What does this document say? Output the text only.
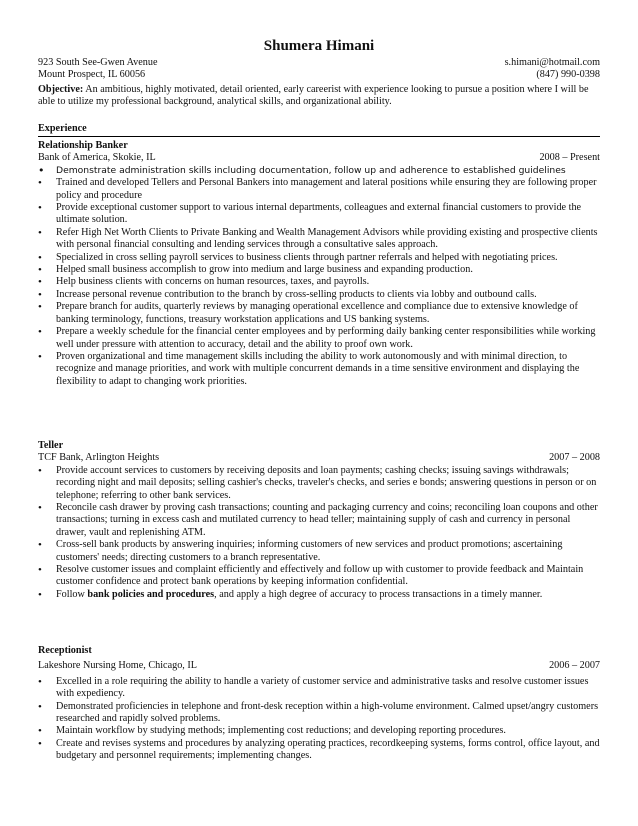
Shumera Himani
923 South See-Gwen Avenue	s.himani@hotmail.com
Mount Prospect, IL 60056	(847) 990-0398
Objective: An ambitious, highly motivated, detail oriented, early careerist with experience looking to pursue a position where I will be able to utilize my professional background, analytical skills, and organizational ability.
Experience
Relationship Banker
Bank of America, Skokie, IL	2008 – Present
• Demonstrate administration skills including documentation, follow up and adherence to established guidelines
• Trained and developed Tellers and Personal Bankers into management and lateral positions while ensuring they are following proper policy and procedure
• Provide exceptional customer support to various internal departments, colleagues and external financial customers to provide the ultimate solution.
• Refer High Net Worth Clients to Private Banking and Wealth Management Advisors while providing existing and prospective clients with personal financial consulting and lending services through a consultative sales approach.
• Specialized in cross selling payroll services to business clients through partner referrals and helped with negotiating prices.
• Helped small business accomplish to grow into medium and large business and expanding production.
• Help business clients with concerns on human resources, taxes, and payrolls.
• Increase personal revenue contribution to the branch by cross-selling products to clients via lobby and outbound calls.
• Prepare branch for audits, quarterly reviews by managing operational excellence and compliance due to extensive knowledge of banking terminology, functions, treasury workstation applications and US banking systems.
• Prepare a weekly schedule for the financial center employees and by performing daily banking center responsibilities while working well under pressure with attention to accuracy, detail and the ability to proof own work.
• Proven organizational and time management skills including the ability to work autonomously and with minimal direction, to recognize and manage priorities, and work with multiple concurrent demands in a time sensitive environment and displaying the flexibility to adapt to changing work priorities.
Teller
TCF Bank, Arlington Heights	2007 – 2008
• Provide account services to customers by receiving deposits and loan payments; cashing checks; issuing savings withdrawals; recording night and mail deposits; selling cashier's checks, traveler's checks, and series e bonds; answering questions in person or on telephone; referring to other bank services.
• Reconcile cash drawer by proving cash transactions; counting and packaging currency and coins; reconciling loan coupons and other transactions; turning in excess cash and mutilated currency to head teller; maintaining supply of cash and currency in personal drawer, vault and replenishing ATM.
• Cross-sell bank products by answering inquiries; informing customers of new services and product promotions; ascertaining customers' needs; directing customers to a branch representative.
• Resolve customer issues and complaint efficiently and effectively and follow up with customer to provide feedback and Maintain customer confidence and protect bank operations by keeping information confidential.
• Follow bank policies and procedures, and apply a high degree of accuracy to process transactions in a timely manner.
Receptionist
Lakeshore Nursing Home, Chicago, IL	2006 – 2007
• Excelled in a role requiring the ability to handle a variety of customer service and administrative tasks and resolve customer issues with expediency.
• Demonstrated proficiencies in telephone and front-desk reception within a high-volume environment. Calmed upset/angry customers researched and rapidly solved problems.
• Maintain workflow by studying methods; implementing cost reductions; and developing reporting procedures.
• Create and revises systems and procedures by analyzing operating practices, recordkeeping systems, forms control, office layout, and budgetary and personnel requirements; implementing changes.
